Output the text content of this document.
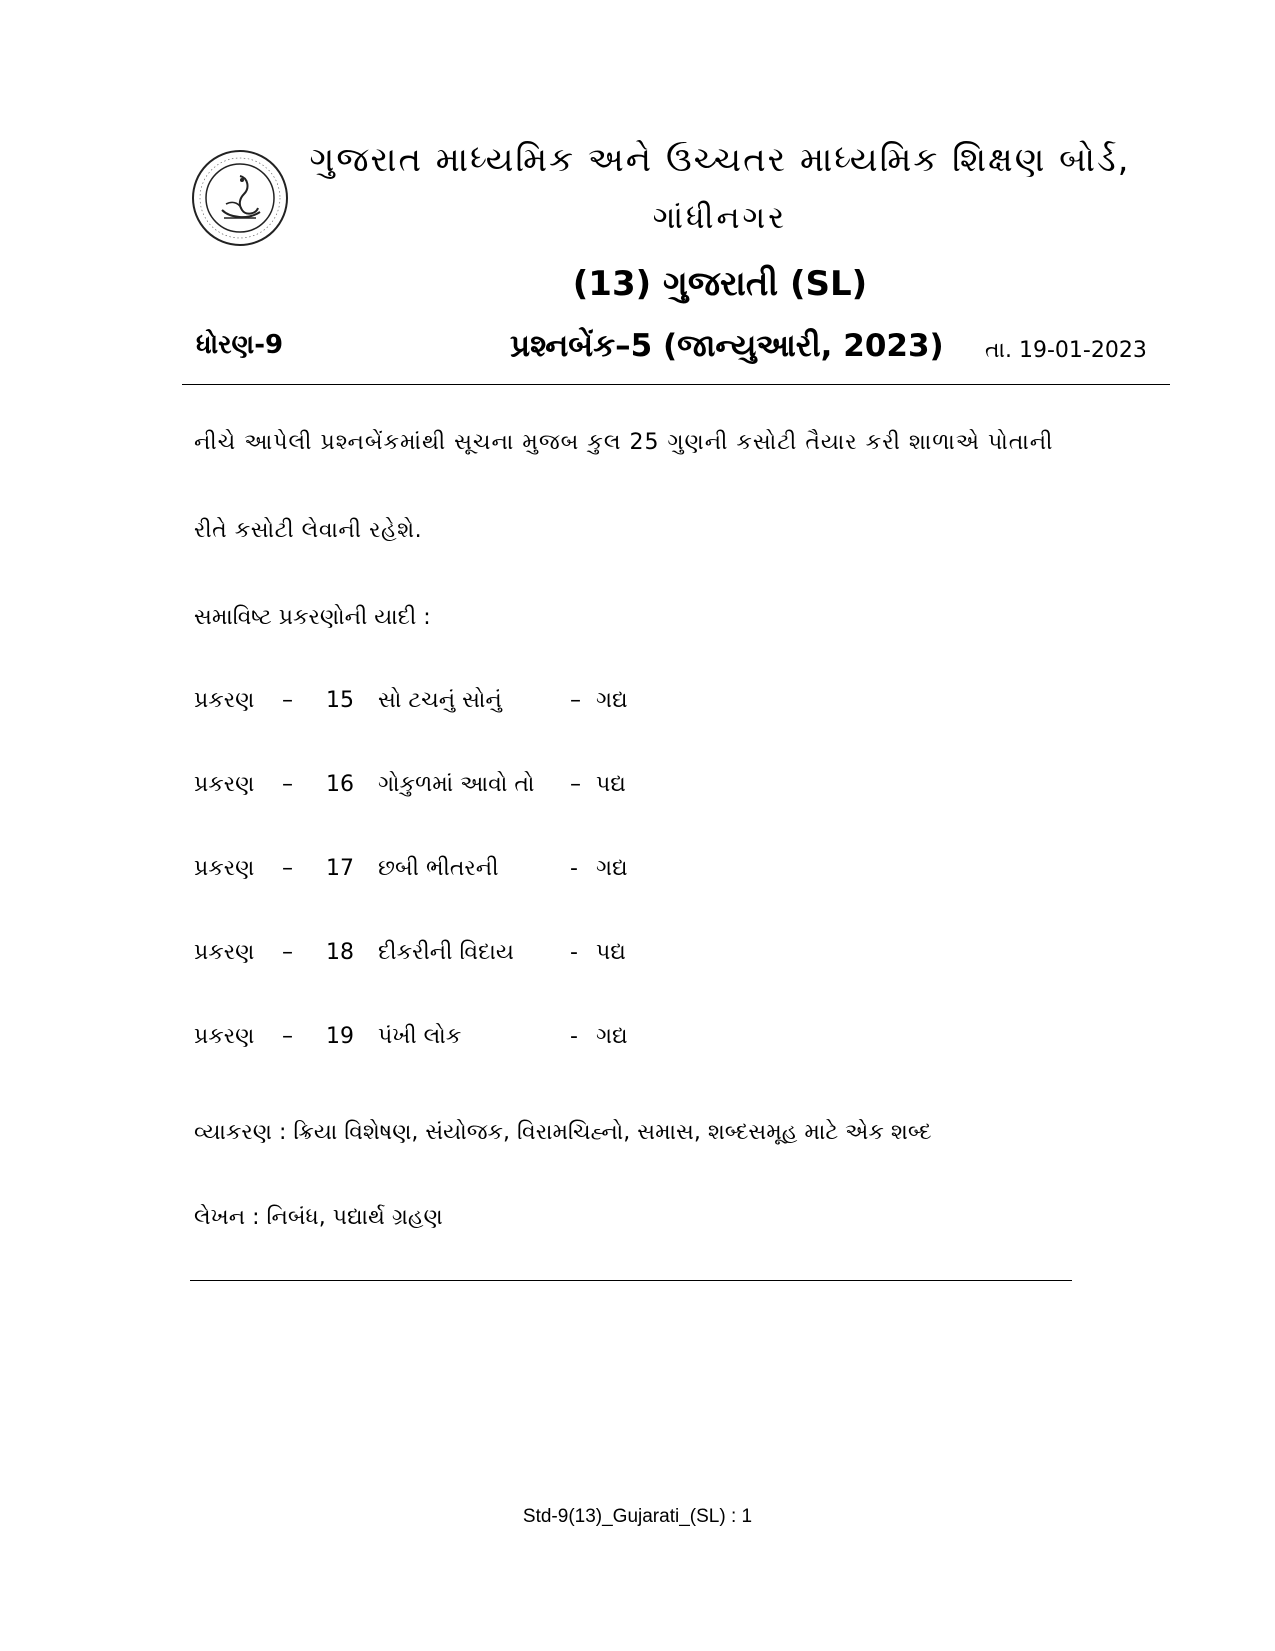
ગુજરાત માધ્યમિક અને ઉચ્ચતર માધ્યમિક શિક્ષણ બોર્ડ,
ગાંધીનગર
(13) ગુજરાતી (SL)
ધોરણ-9	પ્રશ્નબેંક–5 (જાન્યુઆરી, 2023) તા. 19-01-2023
નીચે આપેલી પ્રશ્નબેંકમાંથી સૂચના મુજબ કુલ 25 ગુણની કસોટી તૈયાર કરી શાળાએ પોતાની
રીતે કસોટી લેવાની રહેશે.
સમાવિષ્ટ પ્રકરણોની યાદી :
પ્રકરણ – 15 સો ટચનું સોનું	– ગદ્ય
પ્રકરણ – 16 ગોકુળમાં આવો તો – પદ્ય
પ્રકરણ – 17 છબી ભીતરની	- ગદ્ય
પ્રકરણ – 18 દીકરીની વિદાય	- પદ્ય
પ્રકરણ – 19 પંખી લોક	- ગદ્ય
વ્યાકરણ : ક્રિયા વિશેષણ, સંયોજક, વિરામચિહ્નો, સમાસ, શબ્દસમૂહ માટે એક શબ્દ
લેખન : નિબંધ, પદ્યાર્થ ગ્રહણ
Std-9(13)_Gujarati_(SL) : 1
